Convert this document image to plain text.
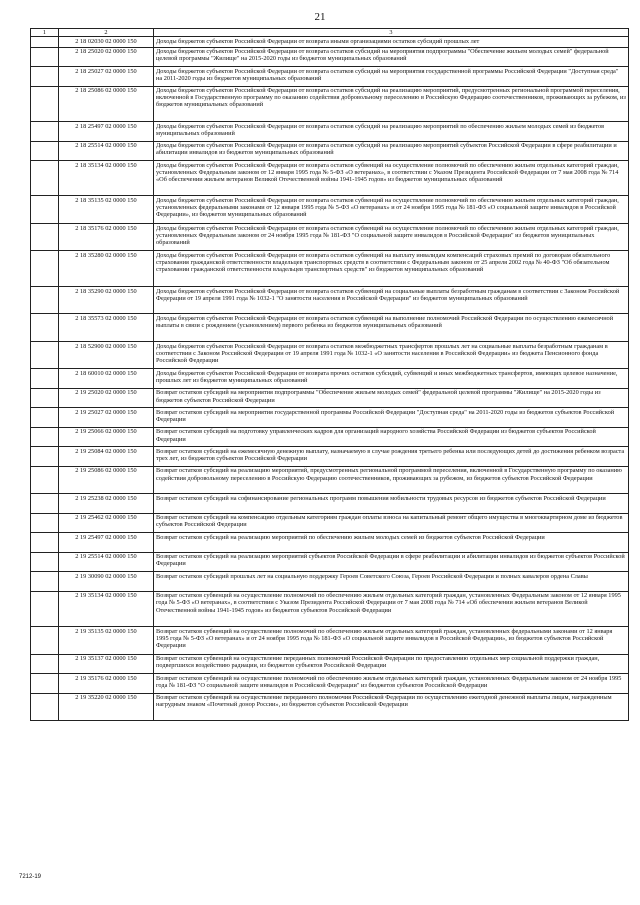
21
1	2	3
	2 18 02030 02 0000 150	Доходы бюджетов субъектов Российской Федерации от возврата иными организациями остатков субсидий прошлых лет
	2 18 25020 02 0000 150	Доходы бюджетов субъектов Российской Федерации от возврата остатков субсидий на мероприятия подпрограммы "Обеспечение жильем молодых семей" федеральной целевой программы "Жилище" на 2015-2020 годы из бюджетов муниципальных образований
	2 18 25027 02 0000 150	Доходы бюджетов субъектов Российской Федерации от возврата остатков субсидий на мероприятия государственной программы Российской Федерации "Доступная среда" на 2011-2020 годы из бюджетов муниципальных образований
	2 18 25086 02 0000 150	Доходы бюджетов субъектов Российской Федерации от возврата остатков субсидий на реализацию мероприятий, предусмотренных региональной программой переселения, включенной в Государственную программу по оказанию содействия добровольному переселению в Российскую Федерацию соотечественников, проживающих за рубежом, из бюджетов муниципальных образований
	2 18 25497 02 0000 150	Доходы бюджетов субъектов Российской Федерации от возврата остатков субсидий на реализацию мероприятий по обеспечению жильем молодых семей из бюджетов муниципальных образований
	2 18 25514 02 0000 150	Доходы бюджетов субъектов Российской Федерации от возврата остатков субсидий на реализацию мероприятий субъектов Российской Федерации в сфере реабилитации и абилитации инвалидов из бюджетов муниципальных образований
	2 18 35134 02 0000 150	Доходы бюджетов субъектов Российской Федерации от возврата остатков субвенций на осуществление полномочий по обеспечению жильем отдельных категорий граждан, установленных Федеральным законом от 12 января 1995 года № 5-ФЗ «О ветеранах», в соответствии с Указом Президента Российской Федерации от 7 мая 2008 года № 714 «Об обеспечении жильем ветеранов Великой Отечественной войны 1941-1945 годов» из бюджетов муниципальных образований
	2 18 35135 02 0000 150	Доходы бюджетов субъектов Российской Федерации от возврата остатков субвенций на осуществление полномочий по обеспечению жильем отдельных категорий граждан, установленных федеральными законами от 12 января 1995 года № 5-ФЗ «О ветеранах» и от 24 ноября 1995 года № 181-ФЗ «О социальной защите инвалидов в Российской Федерации», из бюджетов муниципальных образований
	2 18 35176 02 0000 150	Доходы бюджетов субъектов Российской Федерации от возврата остатков субвенций на осуществление полномочий по обеспечению жильем отдельных категорий граждан, установленных Федеральным законом от 24 ноября 1995 года № 181-ФЗ "О социальной защите инвалидов в Российской Федерации" из бюджетов муниципальных образований
	2 18 35280 02 0000 150	Доходы бюджетов субъектов Российской Федерации от возврата остатков субвенций на выплату инвалидам компенсаций страховых премий по договорам обязательного страхования гражданской ответственности владельцев транспортных средств в соответствии с Федеральным законом от 25 апреля 2002 года № 40-ФЗ "Об обязательном страховании гражданской ответственности владельцев транспортных средств" из бюджетов муниципальных образований
	2 18 35290 02 0000 150	Доходы бюджетов субъектов Российской Федерации от возврата остатков субвенций на социальные выплаты безработным гражданам в соответствии с Законом Российской Федерации от 19 апреля 1991 года № 1032-1 "О занятости населения в Российской Федерации" из бюджетов муниципальных образований
	2 18 35573 02 0000 150	Доходы бюджетов субъектов Российской Федерации от возврата остатков субвенций на выполнение полномочий Российской Федерации по осуществлению ежемесячной выплаты в связи с рождением (усыновлением) первого ребенка из бюджетов муниципальных образований
	2 18 52900 02 0000 150	Доходы бюджетов субъектов Российской Федерации от возврата остатков межбюджетных трансфертов прошлых лет на социальные выплаты безработным гражданам в соответствии с Законом Российской Федерации от 19 апреля 1991 года № 1032-1 «О занятости населения в Российской Федерации» из бюджета Пенсионного фонда Российской Федерации
	2 18 60010 02 0000 150	Доходы бюджетов субъектов Российской Федерации от возврата прочих остатков субсидий, субвенций и иных межбюджетных трансфертов, имеющих целевое назначение, прошлых лет из бюджетов муниципальных образований
	2 19 25020 02 0000 150	Возврат остатков субсидий на мероприятия подпрограммы "Обеспечение жильем молодых семей" федеральной целевой программы "Жилище" на 2015-2020 годы из бюджетов субъектов Российской Федерации
	2 19 25027 02 0000 150	Возврат остатков субсидий на мероприятия государственной программы Российской Федерации "Доступная среда" на 2011-2020 годы из бюджетов субъектов Российской Федерации
	2 19 25066 02 0000 150	Возврат остатков субсидий на подготовку управленческих кадров для организаций народного хозяйства Российской Федерации из бюджетов субъектов Российской Федерации
	2 19 25084 02 0000 150	Возврат остатков субсидий на ежемесячную денежную выплату, назначаемую в случае рождения третьего ребенка или последующих детей до достижения ребенком возраста трех лет, из бюджетов субъектов Российской Федерации
	2 19 25086 02 0000 150	Возврат остатков субсидий на реализацию мероприятий, предусмотренных региональной программой переселения, включенной в Государственную программу по оказанию содействия добровольному переселению в Российскую Федерацию соотечественников, проживающих за рубежом, из бюджетов субъектов Российской Федерации
	2 19 25238 02 0000 150	Возврат остатков субсидий на софинансирование региональных программ повышения мобильности трудовых ресурсов из бюджетов субъектов Российской Федерации
	2 19 25462 02 0000 150	Возврат остатков субсидий на компенсацию отдельным категориям граждан оплаты взноса на капитальный ремонт общего имущества в многоквартирном доме из бюджетов субъектов Российской Федерации
	2 19 25497 02 0000 150	Возврат остатков субсидий на реализацию мероприятий по обеспечению жильем молодых семей из бюджетов субъектов Российской Федерации
	2 19 25514 02 0000 150	Возврат остатков субсидий на реализацию мероприятий субъектов Российской Федерации в сфере реабилитации и абилитации инвалидов из бюджетов субъектов Российской Федерации
	2 19 30090 02 0000 150	Возврат остатков субсидий прошлых лет на социальную поддержку Героев Советского Союза, Героев Российской Федерации и полных кавалеров ордена Славы
	2 19 35134 02 0000 150	Возврат остатков субвенций на осуществление полномочий по обеспечению жильем отдельных категорий граждан, установленных Федеральным законом от 12 января 1995 года № 5-ФЗ «О ветеранах», в соответствии с Указом Президента Российской Федерации от 7 мая 2008 года № 714 «Об обеспечении жильем ветеранов Великой Отечественной войны 1941-1945 годов» из бюджетов субъектов Российской Федерации
	2 19 35135 02 0000 150	Возврат остатков субвенций на осуществление полномочий по обеспечению жильем отдельных категорий граждан, установленных федеральными законами от 12 января 1995 года № 5-ФЗ «О ветеранах» и от 24 ноября 1995 года № 181-ФЗ «О социальной защите инвалидов в Российской Федерации», из бюджетов субъектов Российской Федерации
	2 19 35137 02 0000 150	Возврат остатков субвенций на осуществление переданных полномочий Российской Федерации по предоставлению отдельных мер социальной поддержки граждан, подвергшихся воздействию радиации, из бюджетов субъектов Российской Федерации
	2 19 35176 02 0000 150	Возврат остатков субвенций на осуществление полномочий по обеспечению жильем отдельных категорий граждан, установленных Федеральным законом от 24 ноября 1995 года № 181-ФЗ "О социальной защите инвалидов в Российской Федерации" из бюджетов субъектов Российской Федерации
	2 19 35220 02 0000 150	Возврат остатков субвенций на осуществление переданного полномочия Российской Федерации по осуществлению ежегодной денежной выплаты лицам, награжденным нагрудным знаком «Почетный донор России», из бюджетов субъектов Российской Федерации
7212-19
